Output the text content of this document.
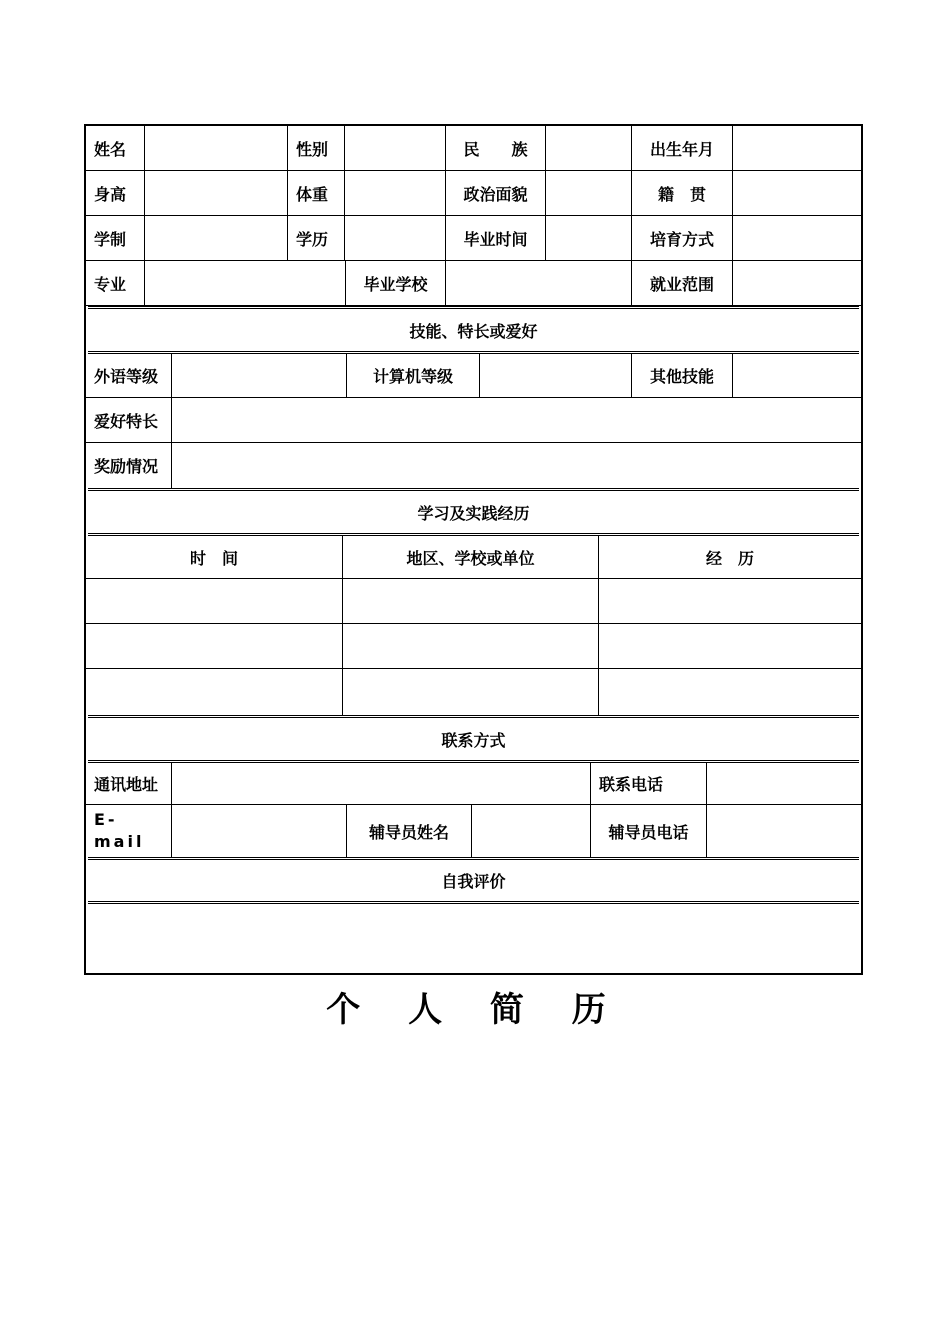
姓名	性别	民　　族	出生年月
身高	体重	政治面貌	籍　贯
学制	学历	毕业时间	培育方式
专业	毕业学校	就业范围
技能、特长或爱好
外语等级	计算机等级	其他技能
爱好特长
奖励情况
学习及实践经历
时　间	地区、学校或单位	经　历
联系方式
通讯地址	联系电话
E-
mail	辅导员姓名	辅导员电话
自我评价
个 人 简 历
